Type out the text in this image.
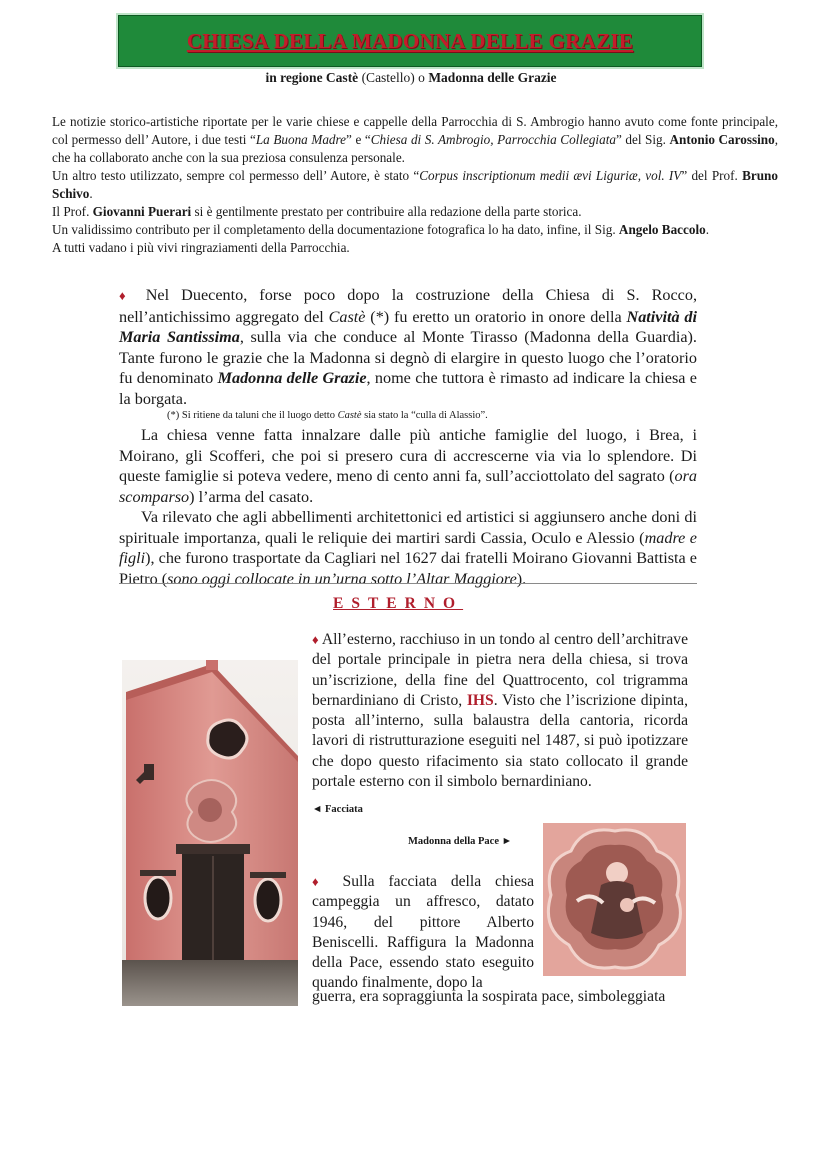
CHIESA DELLA MADONNA DELLE GRAZIE
in regione Castè (Castello) o Madonna delle Grazie

Le notizie storico-artistiche riportate per le varie chiese e cappelle della Parrocchia di S. Ambrogio hanno avuto come fonte principale, col permesso dell’ Autore, i due testi “La Buona Madre” e “Chiesa di S. Ambrogio, Parrocchia Collegiata” del Sig. Antonio Carossino, che ha collaborato anche con la sua preziosa consulenza personale.

Un altro testo utilizzato, sempre col permesso dell’ Autore, è stato “Corpus inscriptionum medii ævi Liguriæ, vol. IV” del Prof. Bruno Schivo.

Il Prof. Giovanni Puerari si è gentilmente prestato per contribuire alla redazione della parte storica.

Un validissimo contributo per il completamento della documentazione fotografica lo ha dato, infine, il Sig. Angelo Baccolo.

A tutti vadano i più vivi ringraziamenti della Parrocchia.

♦ Nel Duecento, forse poco dopo la costruzione della Chiesa di S. Rocco, nell’antichissimo aggregato del Castè (*) fu eretto un oratorio in onore della Natività di Maria Santissima, sulla via che conduce al Monte Tirasso (Madonna della Guardia). Tante furono le grazie che la Madonna si degnò di elargire in questo luogo che l’oratorio fu denominato Madonna delle Grazie, nome che tuttora è rimasto ad indicare la chiesa e la borgata.

(*) Si ritiene da taluni che il luogo detto Castè sia stato la “culla di Alassio”.

La chiesa venne fatta innalzare dalle più antiche famiglie del luogo, i Brea, i Moirano, gli Scofferi, che poi si presero cura di accrescerne via via lo splendore. Di queste famiglie si poteva vedere, meno di cento anni fa, sull’acciottolato del sagrato (ora scomparso) l’arma del casato.

Va rilevato che agli abbellimenti architettonici ed artistici si aggiunsero anche doni di spirituale importanza, quali le reliquie dei martiri sardi Cassia, Oculo e Alessio (madre e figli), che furono trasportate da Cagliari nel 1627 dai fratelli Moirano Giovanni Battista e Pietro (sono oggi collocate in un’urna sotto l’Altar Maggiore).

ESTERNO
♦ All’esterno, racchiuso in un tondo al centro dell’architrave del portale principale in pietra nera della chiesa, si trova un’iscrizione, della fine del Quattrocento, col trigramma bernardiniano di Cristo, IHS. Visto che l’iscrizione dipinta, posta all’interno, sulla balaustra della cantoria, ricorda lavori di ristrutturazione eseguiti nel 1487, si può ipotizzare che dopo questo rifacimento sia stato collocato il grande portale esterno con il simbolo bernardiniano.
◄ Facciata
Madonna della Pace ►
♦ Sulla facciata della chiesa campeggia un affresco, datato 1946, del pittore Alberto Beniscelli. Raffigura la Madonna della Pace, essendo stato eseguito quando finalmente, dopo la
guerra, era sopraggiunta la sospirata pace, simboleggiata
